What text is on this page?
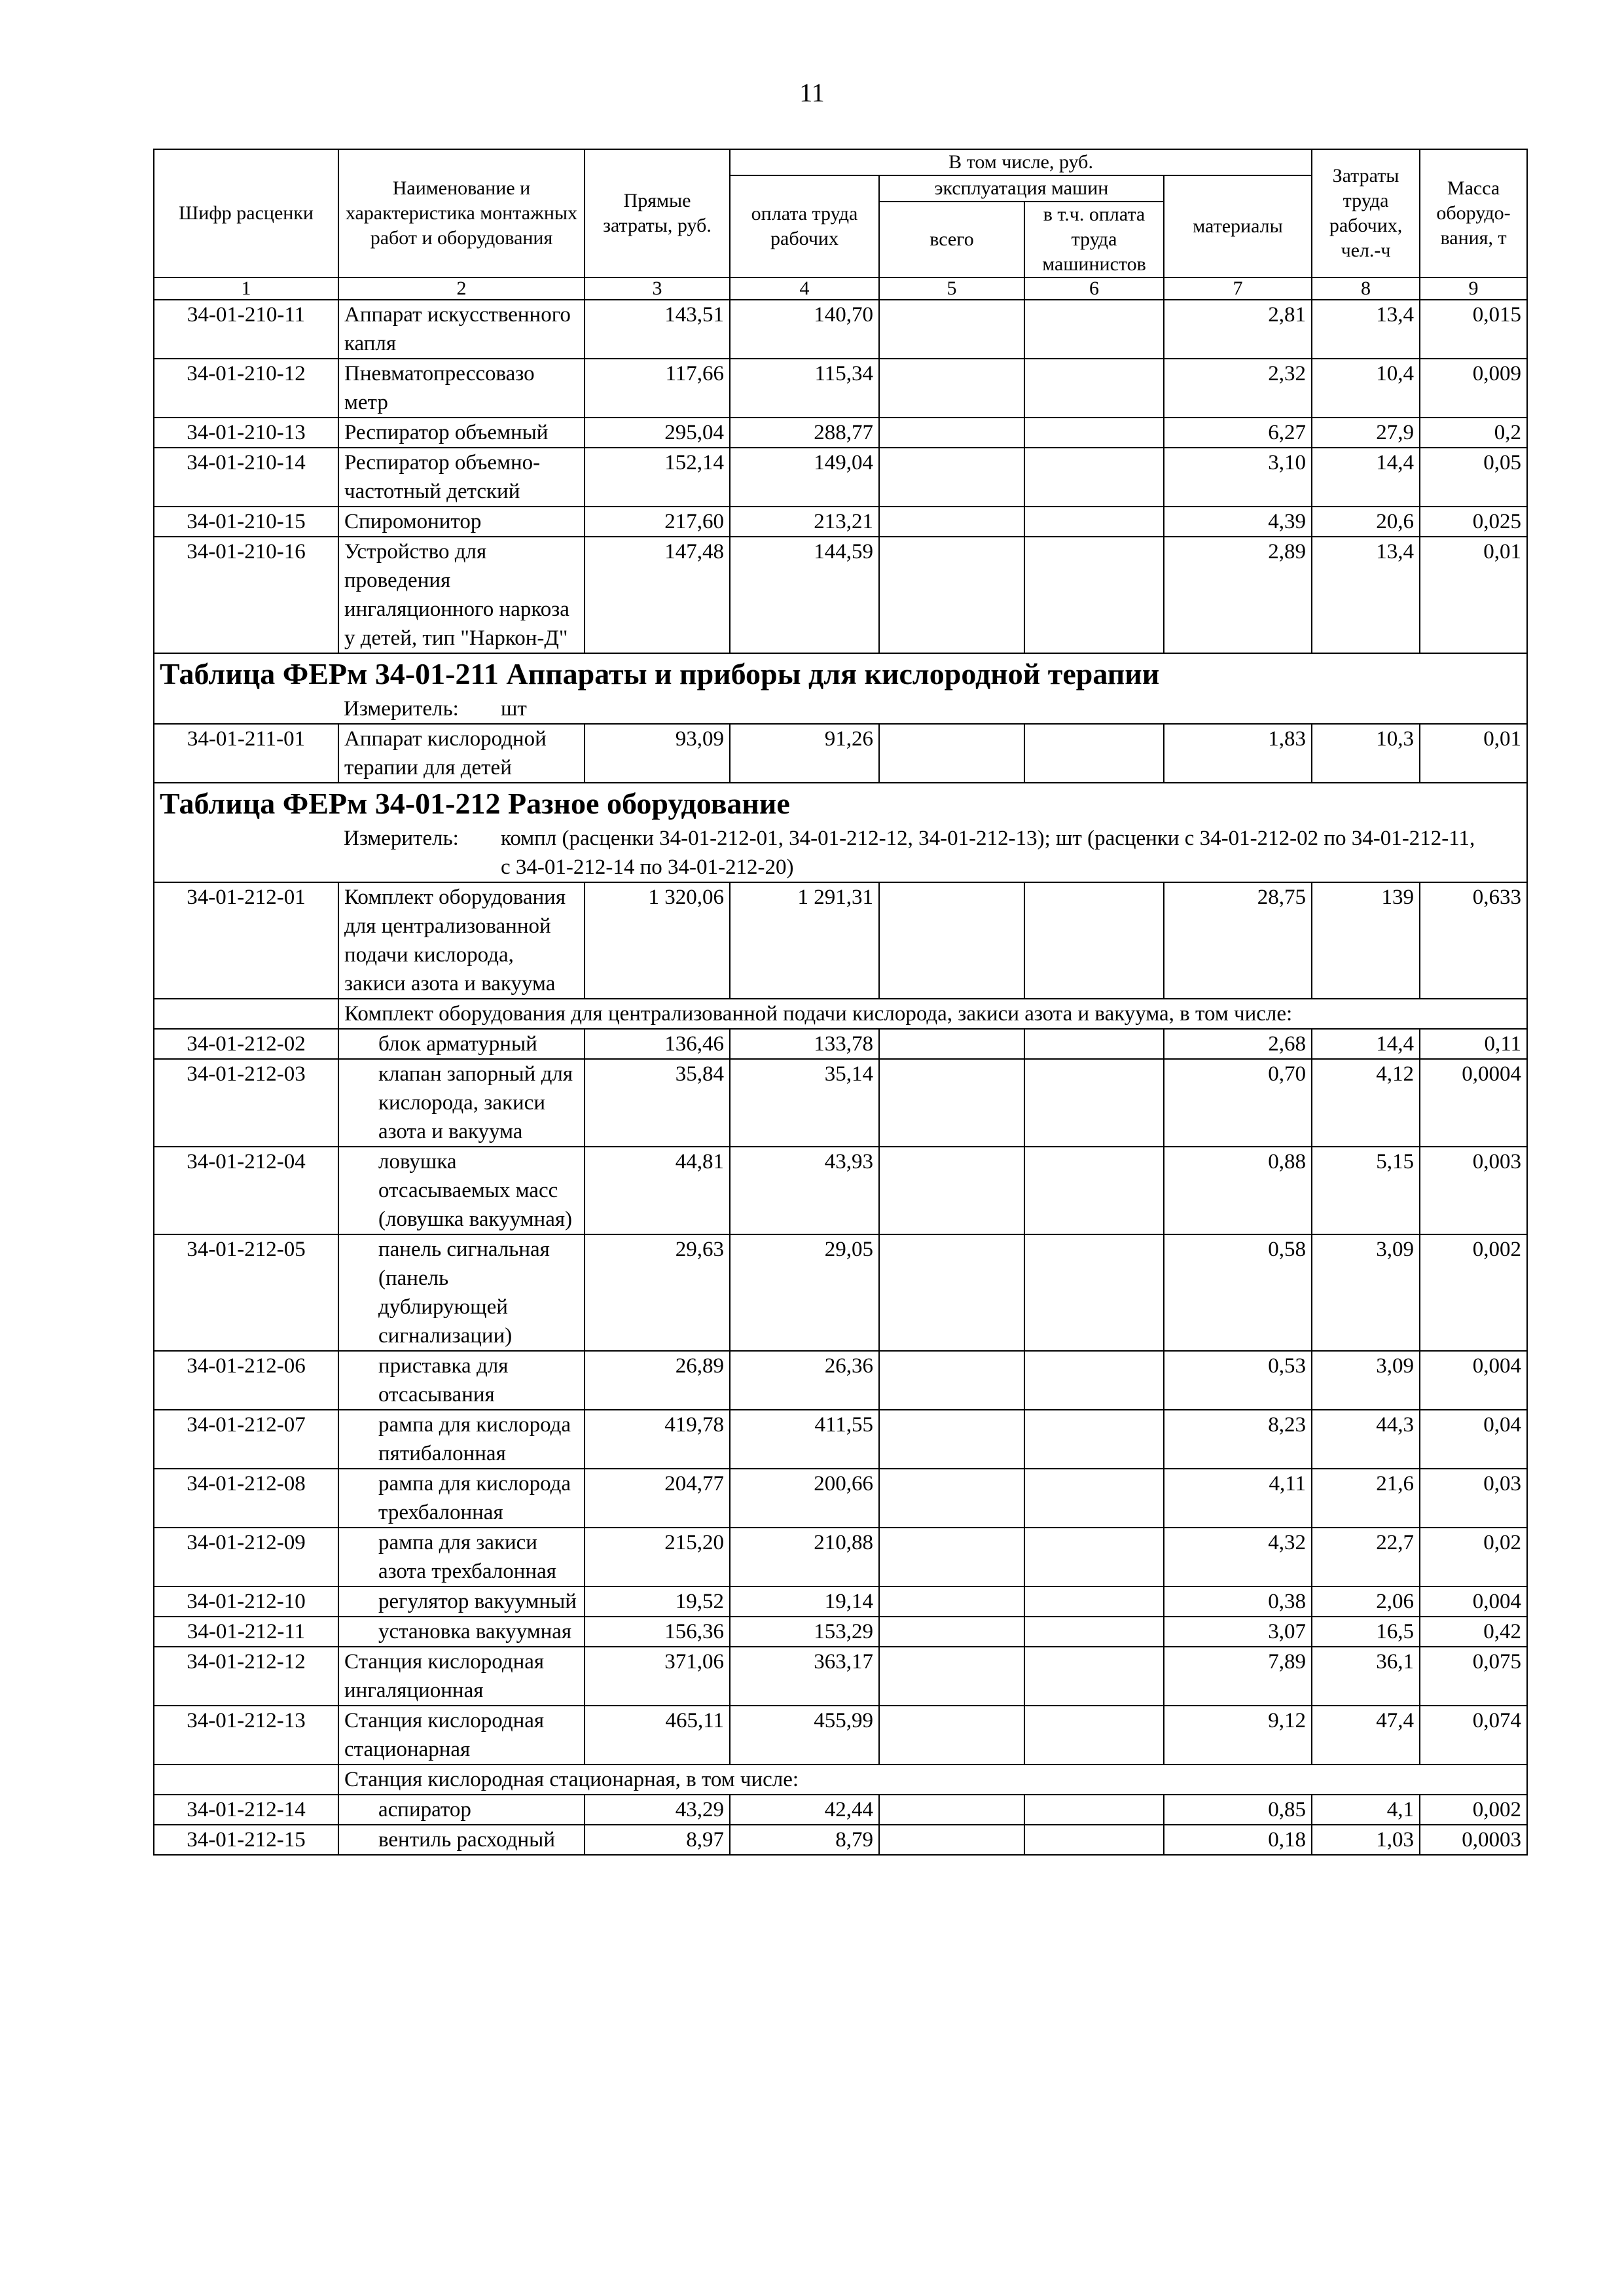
11
Шифр расценки	Наименование и характеристика монтажных работ и оборудования	Прямые затраты, руб.	В том числе, руб.				Затраты труда рабочих, чел.-ч	Масса оборудо-вания, т
			оплата труда рабочих	эксплуатация машин		материалы		
				всего	в т.ч. оплата труда машинистов			
1	2	3	4	5	6	7	8	9
34-01-210-11	Аппарат искусственного капля	143,51	140,70			2,81	13,4	0,015
34-01-210-12	Пневматопрессовазо метр	117,66	115,34			2,32	10,4	0,009
34-01-210-13	Респиратор объемный	295,04	288,77			6,27	27,9	0,2
34-01-210-14	Респиратор объемно-частотный детский	152,14	149,04			3,10	14,4	0,05
34-01-210-15	Спиромонитор	217,60	213,21			4,39	20,6	0,025
34-01-210-16	Устройство для проведения ингаляционного наркоза у детей, тип "Наркон-Д"	147,48	144,59			2,89	13,4	0,01
Таблица ФЕРм 34-01-211 Аппараты и приборы для кислородной терапии								
	Измеритель: шт							
34-01-211-01	Аппарат кислородной терапии для детей	93,09	91,26			1,83	10,3	0,01
Таблица ФЕРм 34-01-212 Разное оборудование								
	Измеритель: компл (расценки 34-01-212-01, 34-01-212-12, 34-01-212-13); шт (расценки с 34-01-212-02 по 34-01-212-11, с 34-01-212-14 по 34-01-212-20)							
34-01-212-01	Комплект оборудования для централизованной подачи кислорода, закиси азота и вакуума	1 320,06	1 291,31			28,75	139	0,633
	Комплект оборудования для централизованной подачи кислорода, закиси азота и вакуума, в том числе:							
34-01-212-02	блок арматурный	136,46	133,78			2,68	14,4	0,11
34-01-212-03	клапан запорный для кислорода, закиси азота и вакуума	35,84	35,14			0,70	4,12	0,0004
34-01-212-04	ловушка отсасываемых масс (ловушка вакуумная)	44,81	43,93			0,88	5,15	0,003
34-01-212-05	панель сигнальная (панель дублирующей сигнализации)	29,63	29,05			0,58	3,09	0,002
34-01-212-06	приставка для отсасывания	26,89	26,36			0,53	3,09	0,004
34-01-212-07	рампа для кислорода пятибалонная	419,78	411,55			8,23	44,3	0,04
34-01-212-08	рампа для кислорода трехбалонная	204,77	200,66			4,11	21,6	0,03
34-01-212-09	рампа для закиси азота трехбалонная	215,20	210,88			4,32	22,7	0,02
34-01-212-10	регулятор вакуумный	19,52	19,14			0,38	2,06	0,004
34-01-212-11	установка вакуумная	156,36	153,29			3,07	16,5	0,42
34-01-212-12	Станция кислородная ингаляционная	371,06	363,17			7,89	36,1	0,075
34-01-212-13	Станция кислородная стационарная	465,11	455,99			9,12	47,4	0,074
	Станция кислородная стационарная, в том числе:							
34-01-212-14	аспиратор	43,29	42,44			0,85	4,1	0,002
34-01-212-15	вентиль расходный	8,97	8,79			0,18	1,03	0,0003
